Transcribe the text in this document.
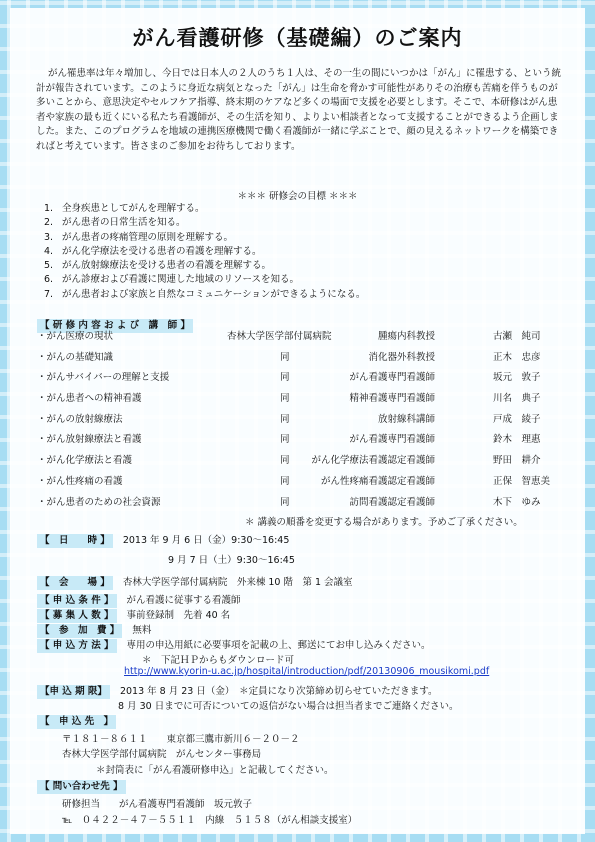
がん看護研修（基礎編）のご案内
がん罹患率は年々増加し、今日では日本人の２人のうち１人は、その一生の間にいつかは「がん」に罹患する、という統計が報告されています。このように身近な病気となった「がん」は生命を脅かす可能性がありその治療も苦痛を伴うものが多いことから、意思決定やセルフケア指導、終末期のケアなど多くの場面で支援を必要とします。そこで、本研修はがん患者や家族の最も近くにいる私たち看護師が、その生活を知り、よりよい相談者となって支援することができるよう企画しました。また、このプログラムを地域の連携医療機関で働く看護師が一緒に学ぶことで、顔の見えるネットワークを構築できればと考えています。皆さまのご参加をお待ちしております。
＊＊＊ 研修会の目標 ＊＊＊
1. 全身疾患としてがんを理解する。
2. がん患者の日常生活を知る。
3. がん患者の疼痛管理の原則を理解する。
4. がん化学療法を受ける患者の看護を理解する。
5. がん放射線療法を受ける患者の看護を理解する。
6. がん診療および看護に関連した地域のリソースを知る。
7. がん患者および家族と自然なコミュニケーションができるようになる。
【 研 修 内 容 お よ び　講　師 】
・がん医療の現状	杏林大学医学部付属病院	腫瘍内科教授	古瀬　純司
・がんの基礎知識	同	消化器外科教授	正木　忠彦
・がんサバイバーの理解と支援	同	がん看護専門看護師	坂元　敦子
・がん患者への精神看護	同	精神看護専門看護師	川名　典子
・がんの放射線療法	同	放射線科講師	戸成　綾子
・がん放射線療法と看護	同	がん看護専門看護師	鈴木　理惠
・がん化学療法と看護	同 がん化学療法看護認定看護師	野田　耕介
・がん性疼痛の看護	同	がん性疼痛看護認定看護師	正保　智恵美
・がん患者のための社会資源	同	訪問看護認定看護師	木下　ゆみ
＊ 講義の順番を変更する場合があります。予めご了承ください。
【　日　　時 】 2013 年 9 月 6 日（金）9:30～16:45
9 月 7 日（土）9:30～16:45
【　会　　場 】 杏林大学医学部付属病院　外来棟 10 階　第 1 会議室
【 申 込 条 件 】 がん看護に従事する看護師
【 募 集 人 数 】 事前登録制　先着 40 名
【　参　加　費 】 無料
【 申 込 方 法 】 専用の申込用紙に必要事項を記載の上、郵送にてお申し込みください。
＊　下記ＨＰからもダウンロード可
http://www.kyorin-u.ac.jp/hospital/introduction/pdf/20130906_mousikomi.pdf
【申 込 期 限】 2013 年 8 月 23 日（金）　＊定員になり次第締め切らせていただきます。
8 月 30 日までに可否についての返信がない場合は担当者までご連絡ください。
【　申 込 先　】
〒１８１－８６１１　　東京都三鷹市新川６－２０－２
杏林大学医学部付属病院　がんセンター事務局
＊封筒表に「がん看護研修申込」と記載してください。
【 問い合わせ先 】
研修担当　　がん看護専門看護師　坂元敦子
℡　０４２２－４７－５５１１　内線　５１５８（がん相談支援室）
